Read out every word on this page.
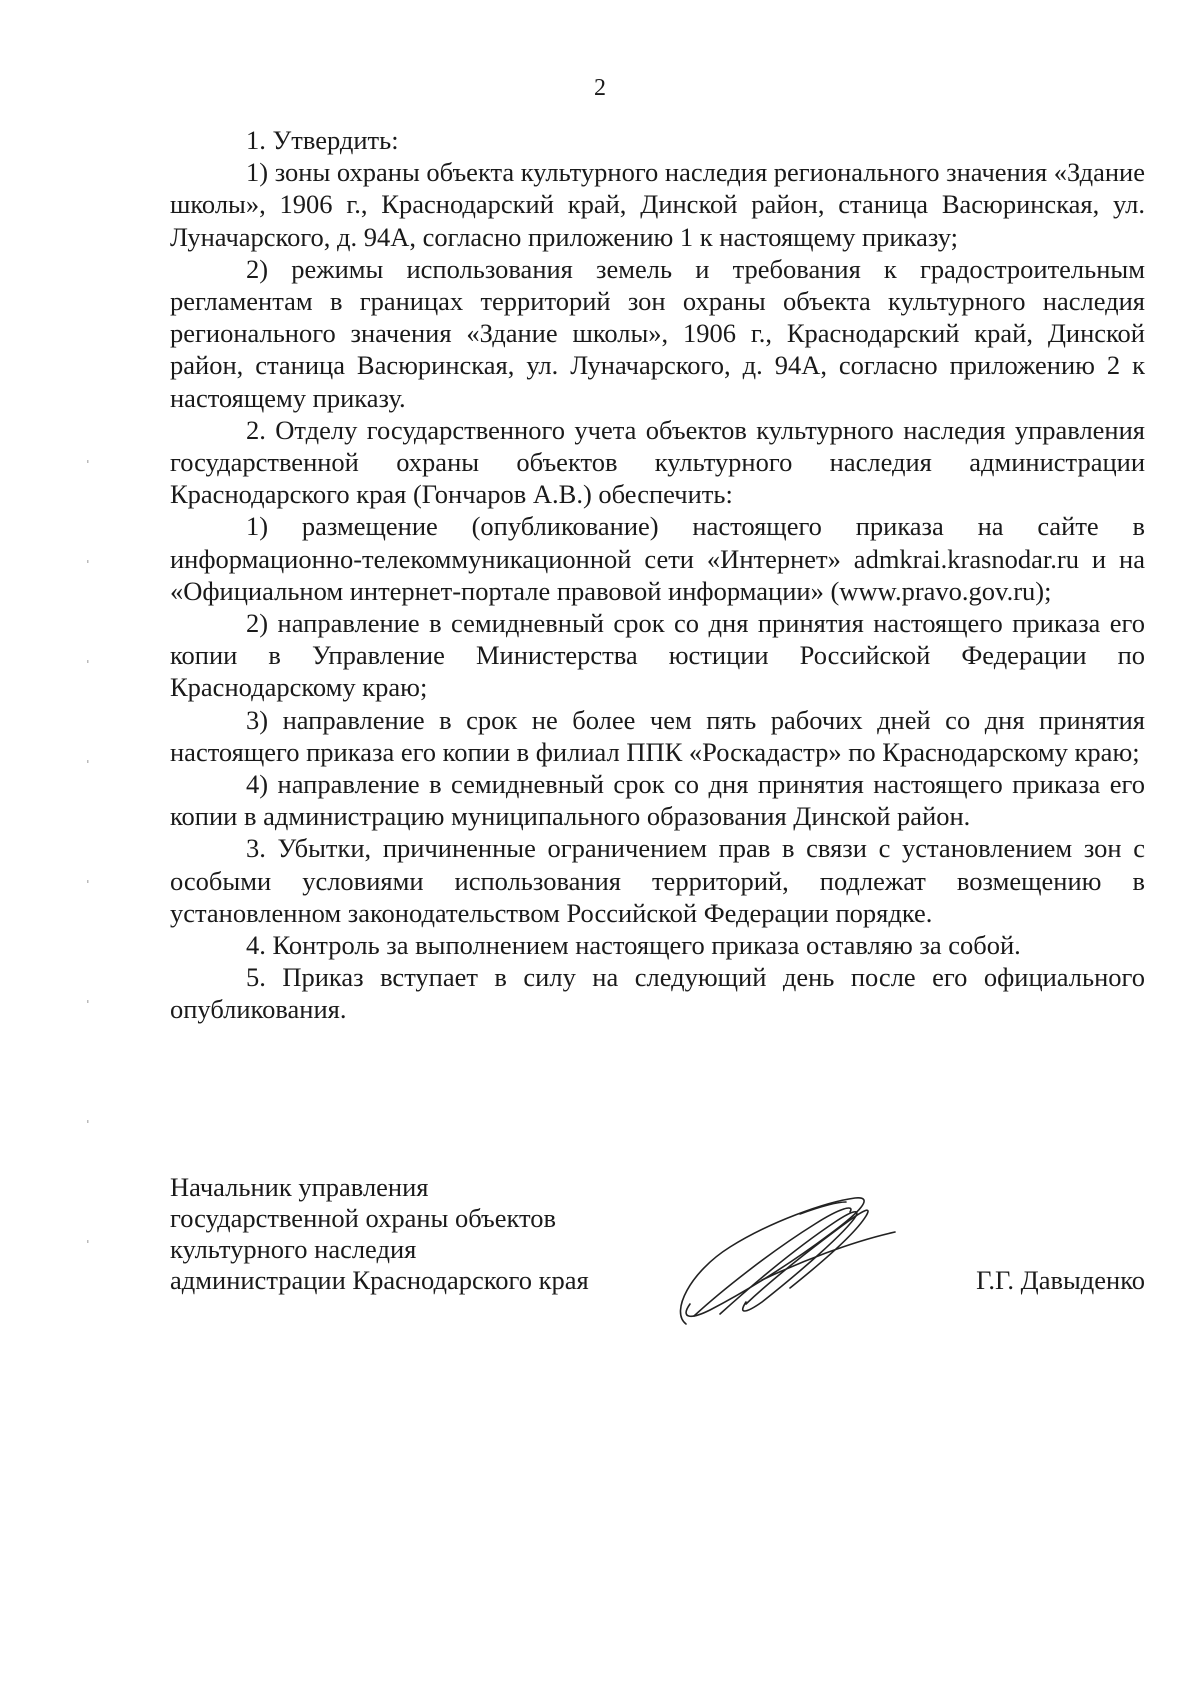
2

1. Утвердить:

1) зоны охраны объекта культурного наследия регионального значения «Здание школы», 1906 г., Краснодарский край, Динской район, станица Васюринская, ул. Луначарского, д. 94А, согласно приложению 1 к настоящему приказу;

2) режимы использования земель и требования к градостроительным регламентам в границах территорий зон охраны объекта культурного наследия регионального значения «Здание школы», 1906 г., Краснодарский край, Динской район, станица Васюринская, ул. Луначарского, д. 94А, согласно приложению 2 к настоящему приказу.

2. Отделу государственного учета объектов культурного наследия управления государственной охраны объектов культурного наследия администрации Краснодарского края (Гончаров А.В.) обеспечить:

1) размещение (опубликование) настоящего приказа на сайте в информационно-телекоммуникационной сети «Интернет» admkrai.krasnodar.ru и на «Официальном интернет-портале правовой информации» (www.pravo.gov.ru);

2) направление в семидневный срок со дня принятия настоящего приказа его копии в Управление Министерства юстиции Российской Федерации по Краснодарскому краю;

3) направление в срок не более чем пять рабочих дней со дня принятия настоящего приказа его копии в филиал ППК «Роскадастр» по Краснодарскому краю;

4) направление в семидневный срок со дня принятия настоящего приказа его копии в администрацию муниципального образования Динской район.

3. Убытки, причиненные ограничением прав в связи с установлением зон с особыми условиями использования территорий, подлежат возмещению в установленном законодательством Российской Федерации порядке.

4. Контроль за выполнением настоящего приказа оставляю за собой.

5. Приказ вступает в силу на следующий день после его официального опубликования.

Начальник управления
государственной охраны объектов
культурного наследия
администрации Краснодарского края	Г.Г. Давыденко
